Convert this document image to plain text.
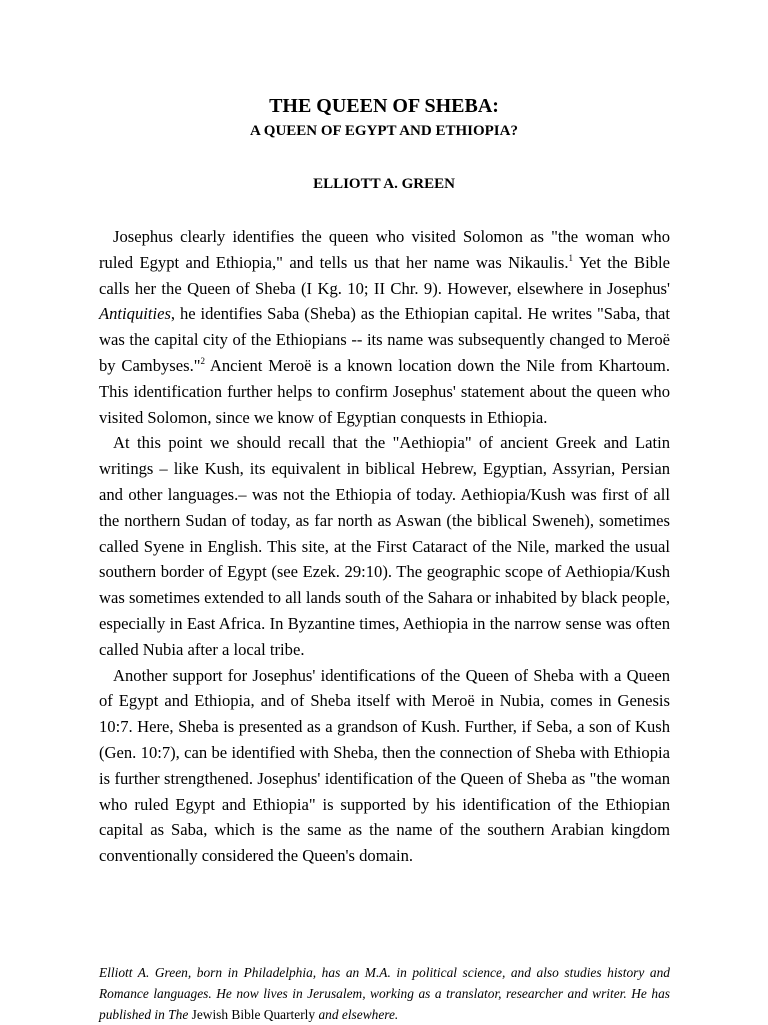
THE QUEEN OF SHEBA:
A QUEEN OF EGYPT AND ETHIOPIA?
ELLIOTT A. GREEN

Josephus clearly identifies the queen who visited Solomon as "the woman who ruled Egypt and Ethiopia," and tells us that her name was Nikaulis.$^1$ Yet the Bible calls her the Queen of Sheba (I Kg. 10; II Chr. 9). However, elsewhere in Josephus' Antiquities, he identifies Saba (Sheba) as the Ethiopian capital. He writes "Saba, that was the capital city of the Ethiopians -- its name was subsequently changed to Meroë by Cambyses."$^2$ Ancient Meroë is a known location down the Nile from Khartoum. This identification further helps to confirm Josephus' statement about the queen who visited Solomon, since we know of Egyptian conquests in Ethiopia.

At this point we should recall that the "Aethiopia" of ancient Greek and Latin writings – like Kush, its equivalent in biblical Hebrew, Egyptian, Assyrian, Persian and other languages.– was not the Ethiopia of today. Aethiopia/Kush was first of all the northern Sudan of today, as far north as Aswan (the biblical Sweneh), sometimes called Syene in English. This site, at the First Cataract of the Nile, marked the usual southern border of Egypt (see Ezek. 29:10). The geographic scope of Aethiopia/Kush was sometimes extended to all lands south of the Sahara or inhabited by black people, especially in East Africa. In Byzantine times, Aethiopia in the narrow sense was often called Nubia after a local tribe.

Another support for Josephus' identifications of the Queen of Sheba with a Queen of Egypt and Ethiopia, and of Sheba itself with Meroë in Nubia, comes in Genesis 10:7. Here, Sheba is presented as a grandson of Kush. Further, if Seba, a son of Kush (Gen. 10:7), can be identified with Sheba, then the connection of Sheba with Ethiopia is further strengthened. Josephus' identification of the Queen of Sheba as "the woman who ruled Egypt and Ethiopia" is supported by his identification of the Ethiopian capital as Saba, which is the same as the name of the southern Arabian kingdom conventionally considered the Queen's domain.

Elliott A. Green, born in Philadelphia, has an M.A. in political science, and also studies history and Romance languages. He now lives in Jerusalem, working as a translator, researcher and writer. He has published in The Jewish Bible Quarterly and elsewhere.
